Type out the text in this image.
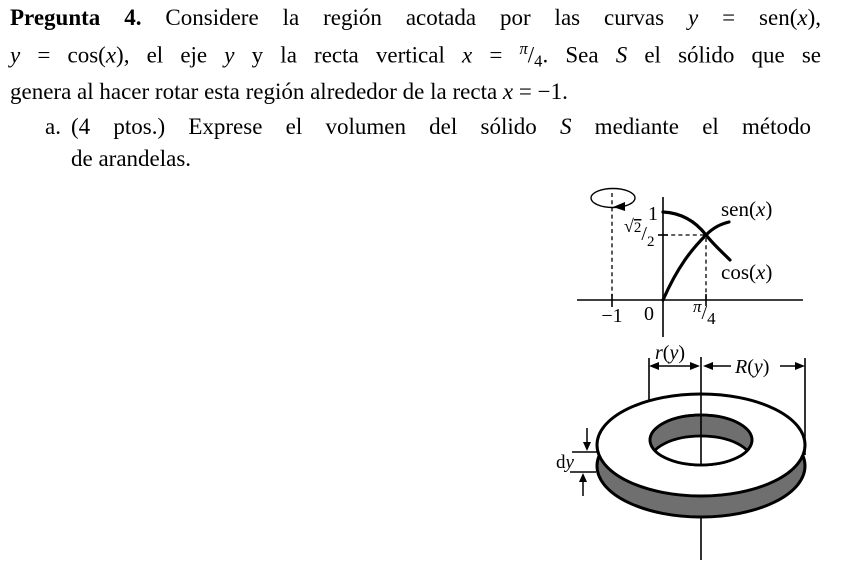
Pregunta 4. Considere la región acotada por las curvas y = sen(x),
y = cos(x), el eje y y la recta vertical $x = ^\pi/_4$. Sea S el sólido que se
genera al hacer rotar esta región alrededor de la recta x = −1.
a. (4 ptos.) Exprese el volumen del sólido S mediante el método
de arandelas.
1
√2/2
0 π/4
−1
sen(x)
cos(x)
r(y)
R(y)
dy
